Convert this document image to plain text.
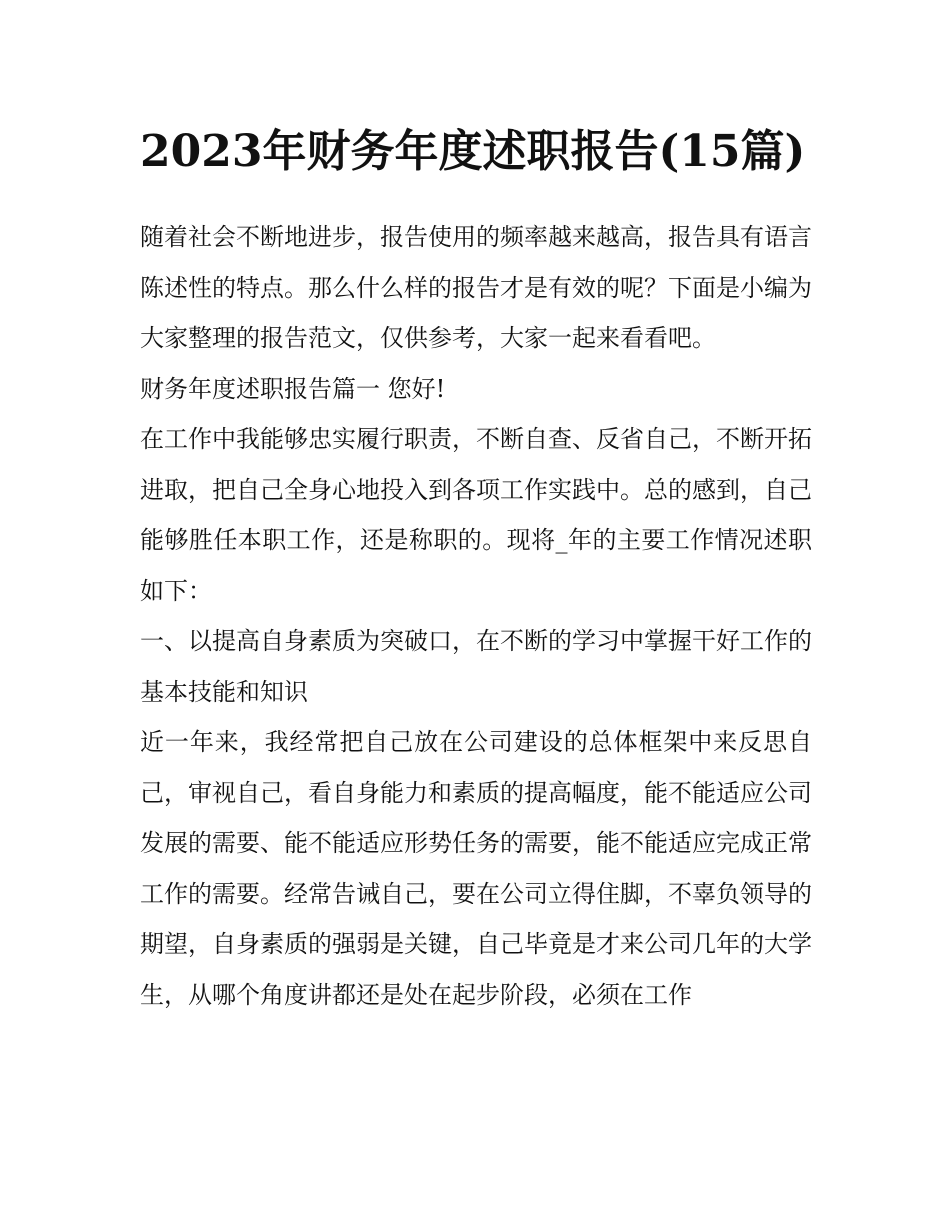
2023年财务年度述职报告(15篇)

随着社会不断地进步，报告使用的频率越来越高，报告具有语言陈述性的特点。那么什么样的报告才是有效的呢？下面是小编为大家整理的报告范文，仅供参考，大家一起来看看吧。

财务年度述职报告篇一 您好!

在工作中我能够忠实履行职责，不断自查、反省自己，不断开拓进取，把自己全身心地投入到各项工作实践中。总的感到，自己能够胜任本职工作，还是称职的。现将_年的主要工作情况述职如下：

一、以提高自身素质为突破口，在不断的学习中掌握干好工作的基本技能和知识

近一年来，我经常把自己放在公司建设的总体框架中来反思自己，审视自己，看自身能力和素质的提高幅度，能不能适应公司发展的需要、能不能适应形势任务的需要，能不能适应完成正常工作的需要。经常告诫自己，要在公司立得住脚，不辜负领导的期望，自身素质的强弱是关键，自己毕竟是才来公司几年的大学生，从哪个角度讲都还是处在起步阶段，必须在工作
